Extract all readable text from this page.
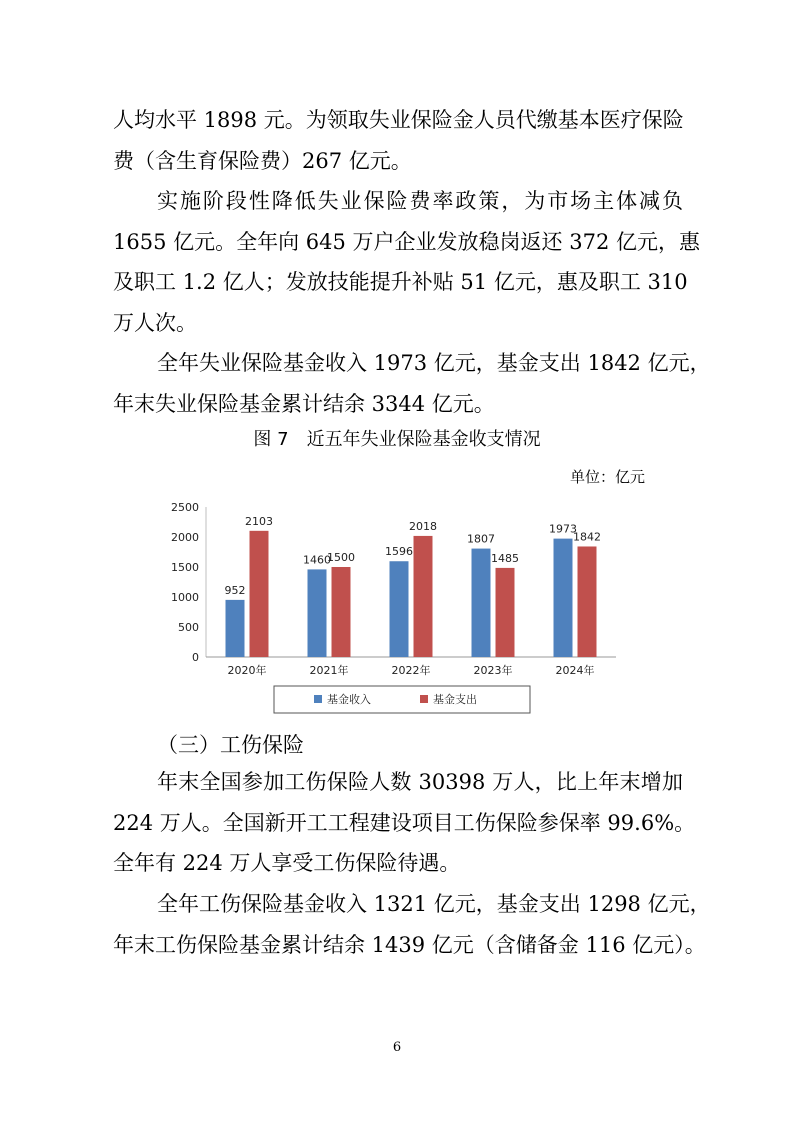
人均水平 1898 元。为领取失业保险金人员代缴基本医疗保险
费（含生育保险费）267 亿元。
实施阶段性降低失业保险费率政策，为市场主体减负
1655 亿元。全年向 645 万户企业发放稳岗返还 372 亿元，惠
及职工 1.2 亿人；发放技能提升补贴 51 亿元，惠及职工 310
万人次。
全年失业保险基金收入 1973 亿元，基金支出 1842 亿元，
年末失业保险基金累计结余 3344 亿元。
图 7　近五年失业保险基金收支情况
单位：亿元
0
500
1000
1500
2000
2500
2020年
952
2103
2021年
1460
1500
2022年
1596
2018
2023年
1807
1485
2024年
1973
1842
基金收入	基金支出
（三）工伤保险
年末全国参加工伤保险人数 30398 万人，比上年末增加
224 万人。全国新开工工程建设项目工伤保险参保率 99.6%。
全年有 224 万人享受工伤保险待遇。
全年工伤保险基金收入 1321 亿元，基金支出 1298 亿元，
年末工伤保险基金累计结余 1439 亿元（含储备金 116 亿元）。
6
